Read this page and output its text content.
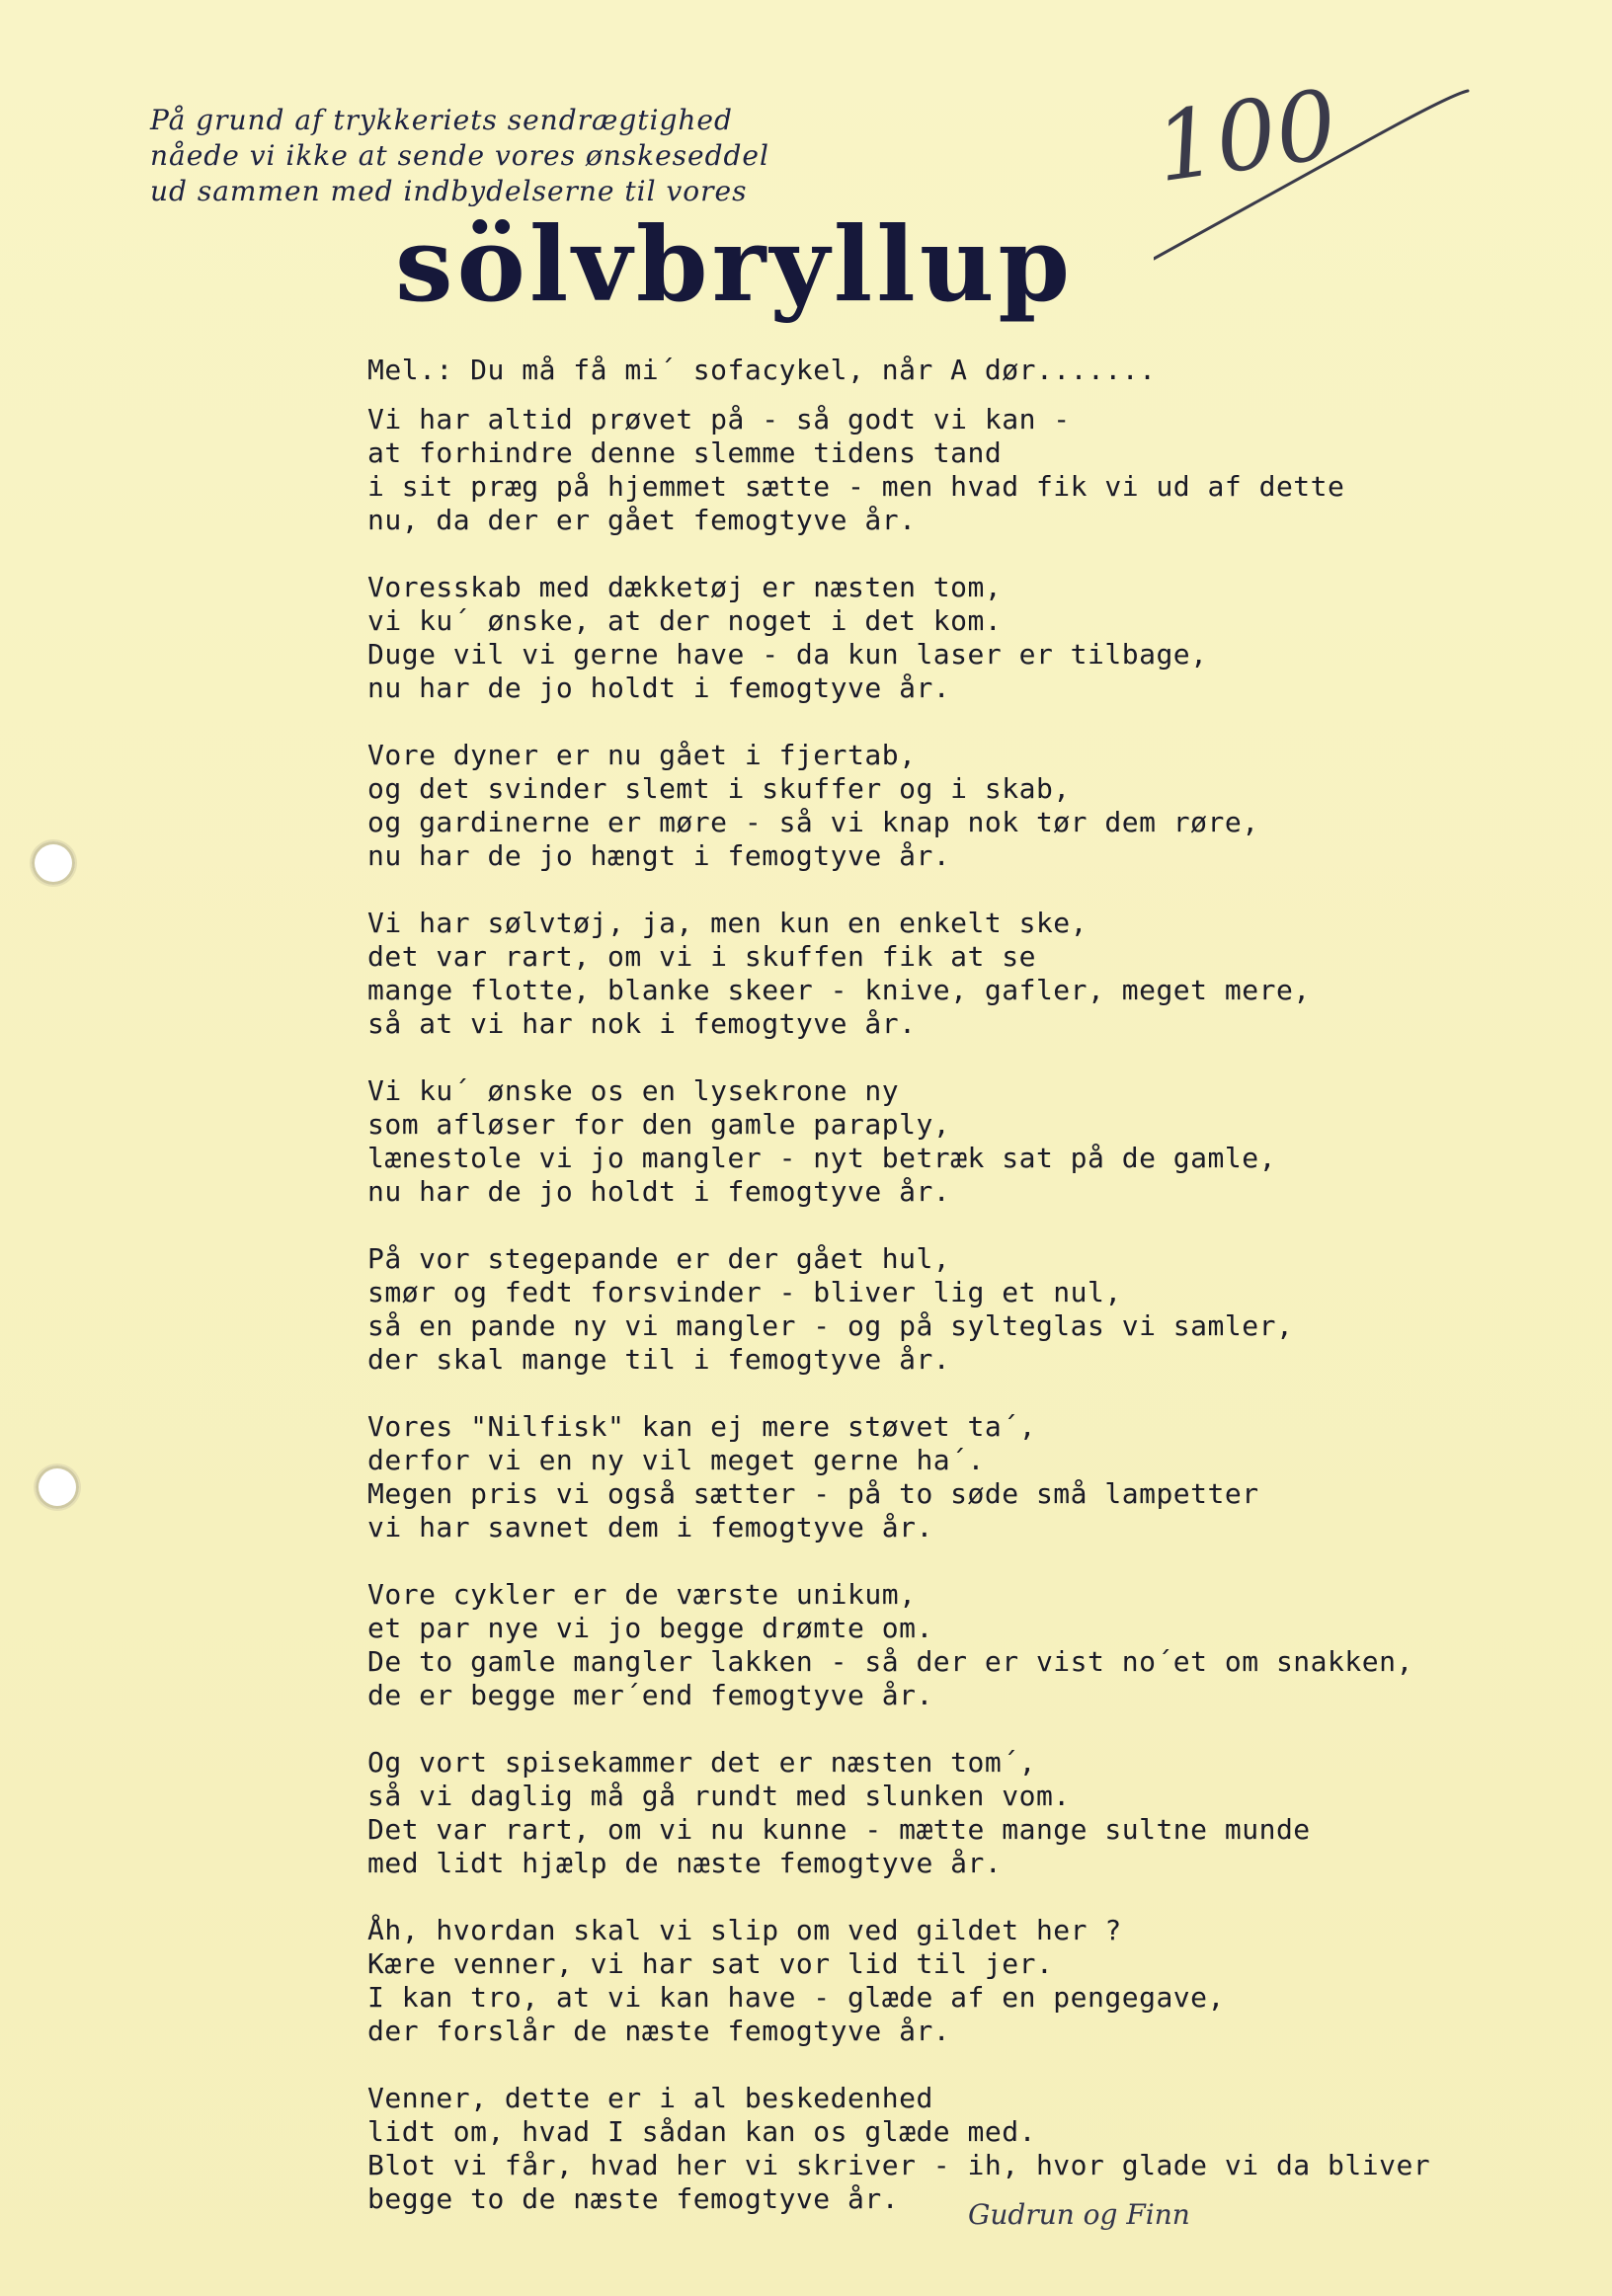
På grund af trykkeriets sendrægtighed
nåede vi ikke at sende vores ønskeseddel
ud sammen med indbydelserne til vores
sölvbryllup
100
Mel.: Du må få mi´ sofacykel, når A dør.......
Vi har altid prøvet på - så godt vi kan -
at forhindre denne slemme tidens tand
i sit præg på hjemmet sætte - men hvad fik vi ud af dette
nu, da der er gået femogtyve år.
Voresskab med dækketøj er næsten tom,
vi ku´ ønske, at der noget i det kom.
Duge vil vi gerne have - da kun laser er tilbage,
nu har de jo holdt i femogtyve år.
Vore dyner er nu gået i fjertab,
og det svinder slemt i skuffer og i skab,
og gardinerne er møre - så vi knap nok tør dem røre,
nu har de jo hængt i femogtyve år.
Vi har sølvtøj, ja, men kun en enkelt ske,
det var rart, om vi i skuffen fik at se
mange flotte, blanke skeer - knive, gafler, meget mere,
så at vi har nok i femogtyve år.
Vi ku´ ønske os en lysekrone ny
som afløser for den gamle paraply,
lænestole vi jo mangler - nyt betræk sat på de gamle,
nu har de jo holdt i femogtyve år.
På vor stegepande er der gået hul,
smør og fedt forsvinder - bliver lig et nul,
så en pande ny vi mangler - og på sylteglas vi samler,
der skal mange til i femogtyve år.
Vores "Nilfisk" kan ej mere støvet ta´,
derfor vi en ny vil meget gerne ha´.
Megen pris vi også sætter - på to søde små lampetter
vi har savnet dem i femogtyve år.
Vore cykler er de værste unikum,
et par nye vi jo begge drømte om.
De to gamle mangler lakken - så der er vist no´et om snakken,
de er begge mer´end femogtyve år.
Og vort spisekammer det er næsten tom´,
så vi daglig må gå rundt med slunken vom.
Det var rart, om vi nu kunne - mætte mange sultne munde
med lidt hjælp de næste femogtyve år.
Åh, hvordan skal vi slip om ved gildet her ?
Kære venner, vi har sat vor lid til jer.
I kan tro, at vi kan have - glæde af en pengegave,
der forslår de næste femogtyve år.
Venner, dette er i al beskedenhed
lidt om, hvad I sådan kan os glæde med.
Blot vi får, hvad her vi skriver - ih, hvor glade vi da bliver
begge to de næste femogtyve år.	Gudrun og Finn
